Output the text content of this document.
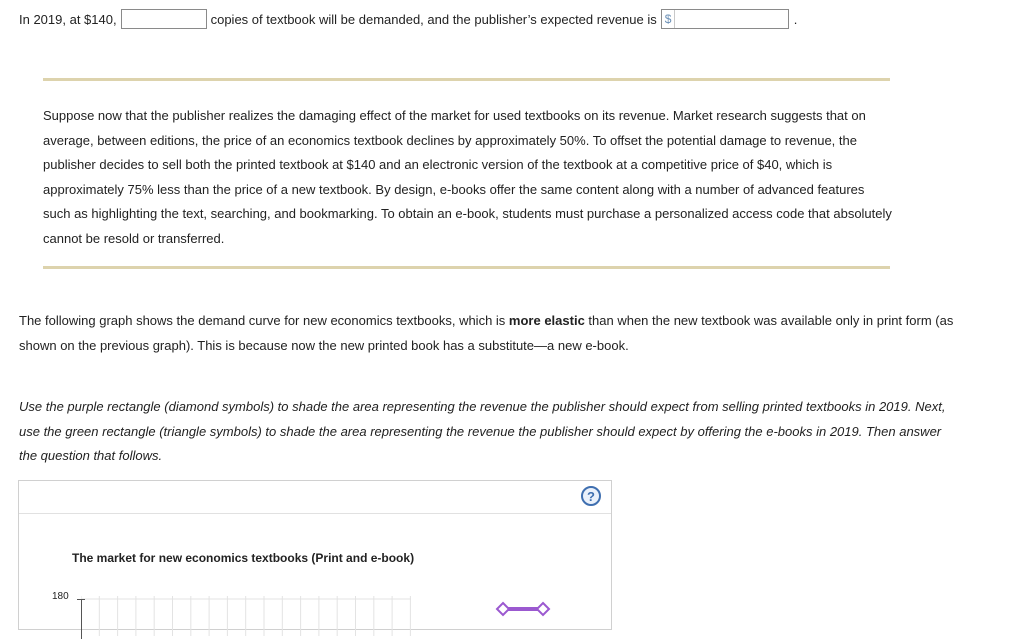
In 2019, at $140,	copies of textbook will be demanded, and the publisher’s expected revenue is $	.
Suppose now that the publisher realizes the damaging effect of the market for used textbooks on its revenue. Market research suggests that on average, between editions, the price of an economics textbook declines by approximately 50%. To offset the potential damage to revenue, the publisher decides to sell both the printed textbook at $140 and an electronic version of the textbook at a competitive price of $40, which is approximately 75% less than the price of a new textbook. By design, e-books offer the same content along with a number of advanced features such as highlighting the text, searching, and bookmarking. To obtain an e-book, students must purchase a personalized access code that absolutely cannot be resold or transferred.
The following graph shows the demand curve for new economics textbooks, which is more elastic than when the new textbook was available only in print form (as shown on the previous graph). This is because now the new printed book has a substitute—a new e-book.
Use the purple rectangle (diamond symbols) to shade the area representing the revenue the publisher should expect from selling printed textbooks in 2019. Next, use the green rectangle (triangle symbols) to shade the area representing the revenue the publisher should expect by offering the e-books in 2019. Then answer the question that follows.
?
The market for new economics textbooks (Print and e-book)
180
